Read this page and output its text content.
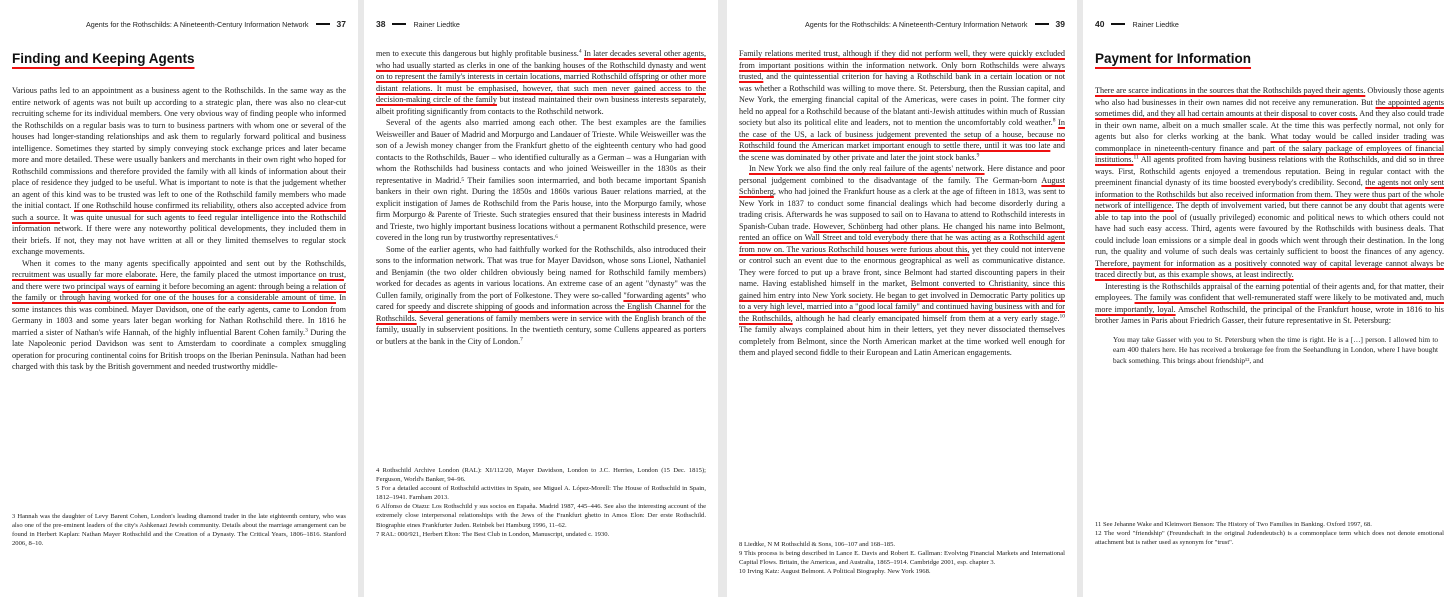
Agents for the Rothschilds: A Nineteenth-Century Information Network	37
Finding and Keeping Agents

Various paths led to an appointment as a business agent to the Rothschilds. In the same way as the entire network of agents was not built up according to a strategic plan, there was also no clear-cut recruiting scheme for its individual members. One very obvious way of finding people who informed the Rothschilds on a regular basis was to turn to business partners with whom one or several of the houses had longer-standing relationships and ask them to regularly forward political and business intelligence. Sometimes they started by simply conveying stock exchange prices and later became more and more detailed. These were usually bankers and merchants in their own right who hoped for Rothschild commissions and therefore provided the family with all kinds of information about their place of residence they judged to be useful. What is important to note is that the judgement whether an agent of this kind was to be trusted was left to one of the Rothschild family members who made the initial contact. If one Rothschild house confirmed its reliability, others also accepted advice from such a source. It was quite unusual for such agents to feed regular intelligence into the Rothschild information network. If there were any noteworthy political developments, they included them in their briefs. If not, they may not have written at all or they limited themselves to regular stock exchange movements.

When it comes to the many agents specifically appointed and sent out by the Rothschilds, recruitment was usually far more elaborate. Here, the family placed the utmost importance on trust, and there were two principal ways of earning it before becoming an agent: through being a relation of the family or through having worked for one of the houses for a considerable amount of time. In some instances this was combined. Mayer Davidson, one of the early agents, came to London from Germany in 1803 and some years later began working for Nathan Rothschild there. In 1816 he married a sister of Nathan's wife Hannah, of the highly influential Barent Cohen family.$^3$ During the late Napoleonic period Davidson was sent to Amsterdam to coordinate a complex smuggling operation for procuring continental coins for British troops on the Iberian Peninsula. Nathan had been charged with this task by the British government and needed trustworthy middle-

3 Hannah was the daughter of Levy Barent Cohen, London's leading diamond trader in the late eighteenth century, who was also one of the pre-eminent leaders of the city's Ashkenazi Jewish community. Details about the marriage arrangement can be found in Herbert Kaplan: Nathan Mayer Rothschild and the Creation of a Dynasty. The Critical Years, 1806–1816. Stanford 2006, 8–10.
38	Rainer Liedtke

men to execute this dangerous but highly profitable business.$^4$ In later decades several other agents, who had usually started as clerks in one of the banking houses of the Rothschild dynasty and went on to represent the family's interests in certain locations, married Rothschild offspring or other more distant relations. It must be emphasised, however, that such men never gained access to the decision-making circle of the family but instead maintained their own business interests separately, albeit profiting significantly from contacts to the Rothschild network.

Several of the agents also married among each other. The best examples are the families Weisweiller and Bauer of Madrid and Morpurgo and Landauer of Trieste. While Weisweiller was the son of a Jewish money changer from the Frankfurt ghetto of the eighteenth century who had good contacts to the Rothschilds, Bauer – who identified culturally as a German – was a Hungarian with whom the Rothschilds had business contacts and who joined Weisweiller in the 1830s as their representative in Madrid.⁵ Their families soon intermarried, and both became important Spanish bankers in their own right. During the 1850s and 1860s various Bauer relations married, at the explicit instigation of James de Rothschild from the Paris house, into the Morpurgo family, whose firm Morpurgo & Parente of Trieste. Such strategies ensured that their business interests in Madrid and Trieste, two highly important business locations without a permanent Rothschild presence, were covered in the long run by trustworthy representatives.⁶

Some of the earlier agents, who had faithfully worked for the Rothschilds, also introduced their sons to the information network. That was true for Mayer Davidson, whose sons Lionel, Nathaniel and Benjamin (the two older children obviously being named for Rothschild family members) worked for decades as agents in various locations. An extreme case of an agent "dynasty" was the Cullen family, originally from the port of Folkestone. They were so-called "forwarding agents" who cared for speedy and discrete shipping of goods and information across the English Channel for the Rothschilds. Several generations of family members were in service with the English branch of the family, usually in subservient positions. In the twentieth century, some Cullens appeared as porters or butlers at the bank in the City of London.$^7$

4 Rothschild Archive London (RAL): XI/112/20, Mayer Davidson, London to J.C. Herries, London (15 Dec. 1815); Ferguson, World's Banker, 94–96.
5 For a detailed account of Rothschild activities in Spain, see Miguel A. López-Morell: The House of Rothschild in Spain, 1812–1941. Farnham 2013.
6 Alfonso de Otazu: Los Rothschild y sus socios en España. Madrid 1987, 445–446. See also the interesting account of the extremely close interpersonal relationships with the Jews of the Frankfurt ghetto in Amos Elon: Der erste Rothschild. Biographie eines Frankfurter Juden. Reinbek bei Hamburg 1996, 11–62.
7 RAL: 000/921, Herbert Elton: The Best Club in London, Manuscript, undated c. 1930.
Agents for the Rothschilds: A Nineteenth-Century Information Network	39

Family relations merited trust, although if they did not perform well, they were quickly excluded from important positions within the information network. Only born Rothschilds were always trusted, and the quintessential criterion for having a Rothschild bank in a certain location or not was whether a Rothschild was willing to move there. St. Petersburg, then the Russian capital, and New York, the emerging financial capital of the Americas, were cases in point. The former city held no appeal for a Rothschild because of the blatant anti-Jewish attitudes within much of Russian society but also its political elite and leaders, not to mention the uncomfortably cold weather.$^8$ In the case of the US, a lack of business judgement prevented the setup of a house, because no Rothschild found the American market important enough to settle there, until it was too late and the scene was dominated by other private and later the joint stock banks.$^9$

In New York we also find the only real failure of the agents' network. Here distance and poor personal judgement combined to the disadvantage of the family. The German-born August Schönberg, who had joined the Frankfurt house as a clerk at the age of fifteen in 1813, was sent to New York in 1837 to conduct some financial dealings which had become disorderly during a trading crisis. Afterwards he was supposed to sail on to Havana to attend to Rothschild interests in Spanish-Cuban trade. However, Schönberg had other plans. He changed his name into Belmont, rented an office on Wall Street and told everybody there that he was acting as a Rothschild agent from now on. The various Rothschild houses were furious about this, yet they could not intervene or control such an event due to the enormous geographical as well as communicative distance. They were forced to put up a brave front, since Belmont had started discounting papers in their name. Having established himself in the market, Belmont converted to Christianity, since this gained him entry into New York society. He began to get involved in Democratic Party politics up to a very high level, married into a "good local family" and continued having business with and for the Rothschilds, although he had clearly emancipated himself from them at a very early stage.$^{10}$ The family always complained about him in their letters, yet they never dissociated themselves completely from Belmont, since the North American market at the time worked well enough for them and played second fiddle to their European and Latin American engagements.

8 Liedtke, N M Rothschild & Sons, 106–107 and 168–185.
9 This process is being described in Lance E. Davis and Robert E. Gallman: Evolving Financial Markets and International Capital Flows. Britain, the Americas, and Australia, 1865–1914. Cambridge 2001, esp. chapter 3.
10 Irving Katz: August Belmont. A Political Biography. New York 1968.
40	Rainer Liedtke
Payment for Information

There are scarce indications in the sources that the Rothschilds payed their agents. Obviously those agents who also had businesses in their own names did not receive any remuneration. But the appointed agents sometimes did, and they all had certain amounts at their disposal to cover costs. And they also could trade in their own name, albeit on a much smaller scale. At the time this was perfectly normal, not only for agents but also for clerks working at the bank. What today would be called insider trading was commonplace in nineteenth-century finance and part of the salary package of employees of financial institutions.$^{11}$ All agents profited from having business relations with the Rothschilds, and did so in three ways. First, Rothschild agents enjoyed a tremendous reputation. Being in regular contact with the preeminent financial dynasty of its time boosted everybody's credibility. Second, the agents not only sent information to the Rothschilds but also received information from them. They were thus part of the whole network of intelligence. The depth of involvement varied, but there cannot be any doubt that agents were able to tap into the pool of (usually privileged) economic and political news to which others could not have had such easy access. Third, agents were favoured by the Rothschilds with business deals. That could include loan emissions or a simple deal in goods which went through their destination. In the long run, the quality and volume of such deals was certainly sufficient to boost the finances of any agency. Therefore, payment for information as a positively connoted way of capital leverage cannot always be traced directly but, as this example shows, at least indirectly.

Interesting is the Rothschilds appraisal of the earning potential of their agents and, for that matter, their employees. The family was confident that well-remunerated staff were likely to be motivated and, much more importantly, loyal. Amschel Rothschild, the principal of the Frankfurt house, wrote in 1816 to his brother James in Paris about Friedrich Gasser, their future representative in St. Petersburg:

You may take Gasser with you to St. Petersburg when the time is right. He is a […] person. I allowed him to earn 400 thalers here. He has received a brokerage fee from the Seehandlung in London, where I have bought back something. This brings about friendship¹², and

11 See Jehanne Wake and Kleinwort Benson: The History of Two Families in Banking. Oxford 1997, 68.
12 The word "friendship" (Freundschaft in the original Judendeutsch) is a commonplace term which does not denote emotional attachment but is rather used as synonym for "trust".
